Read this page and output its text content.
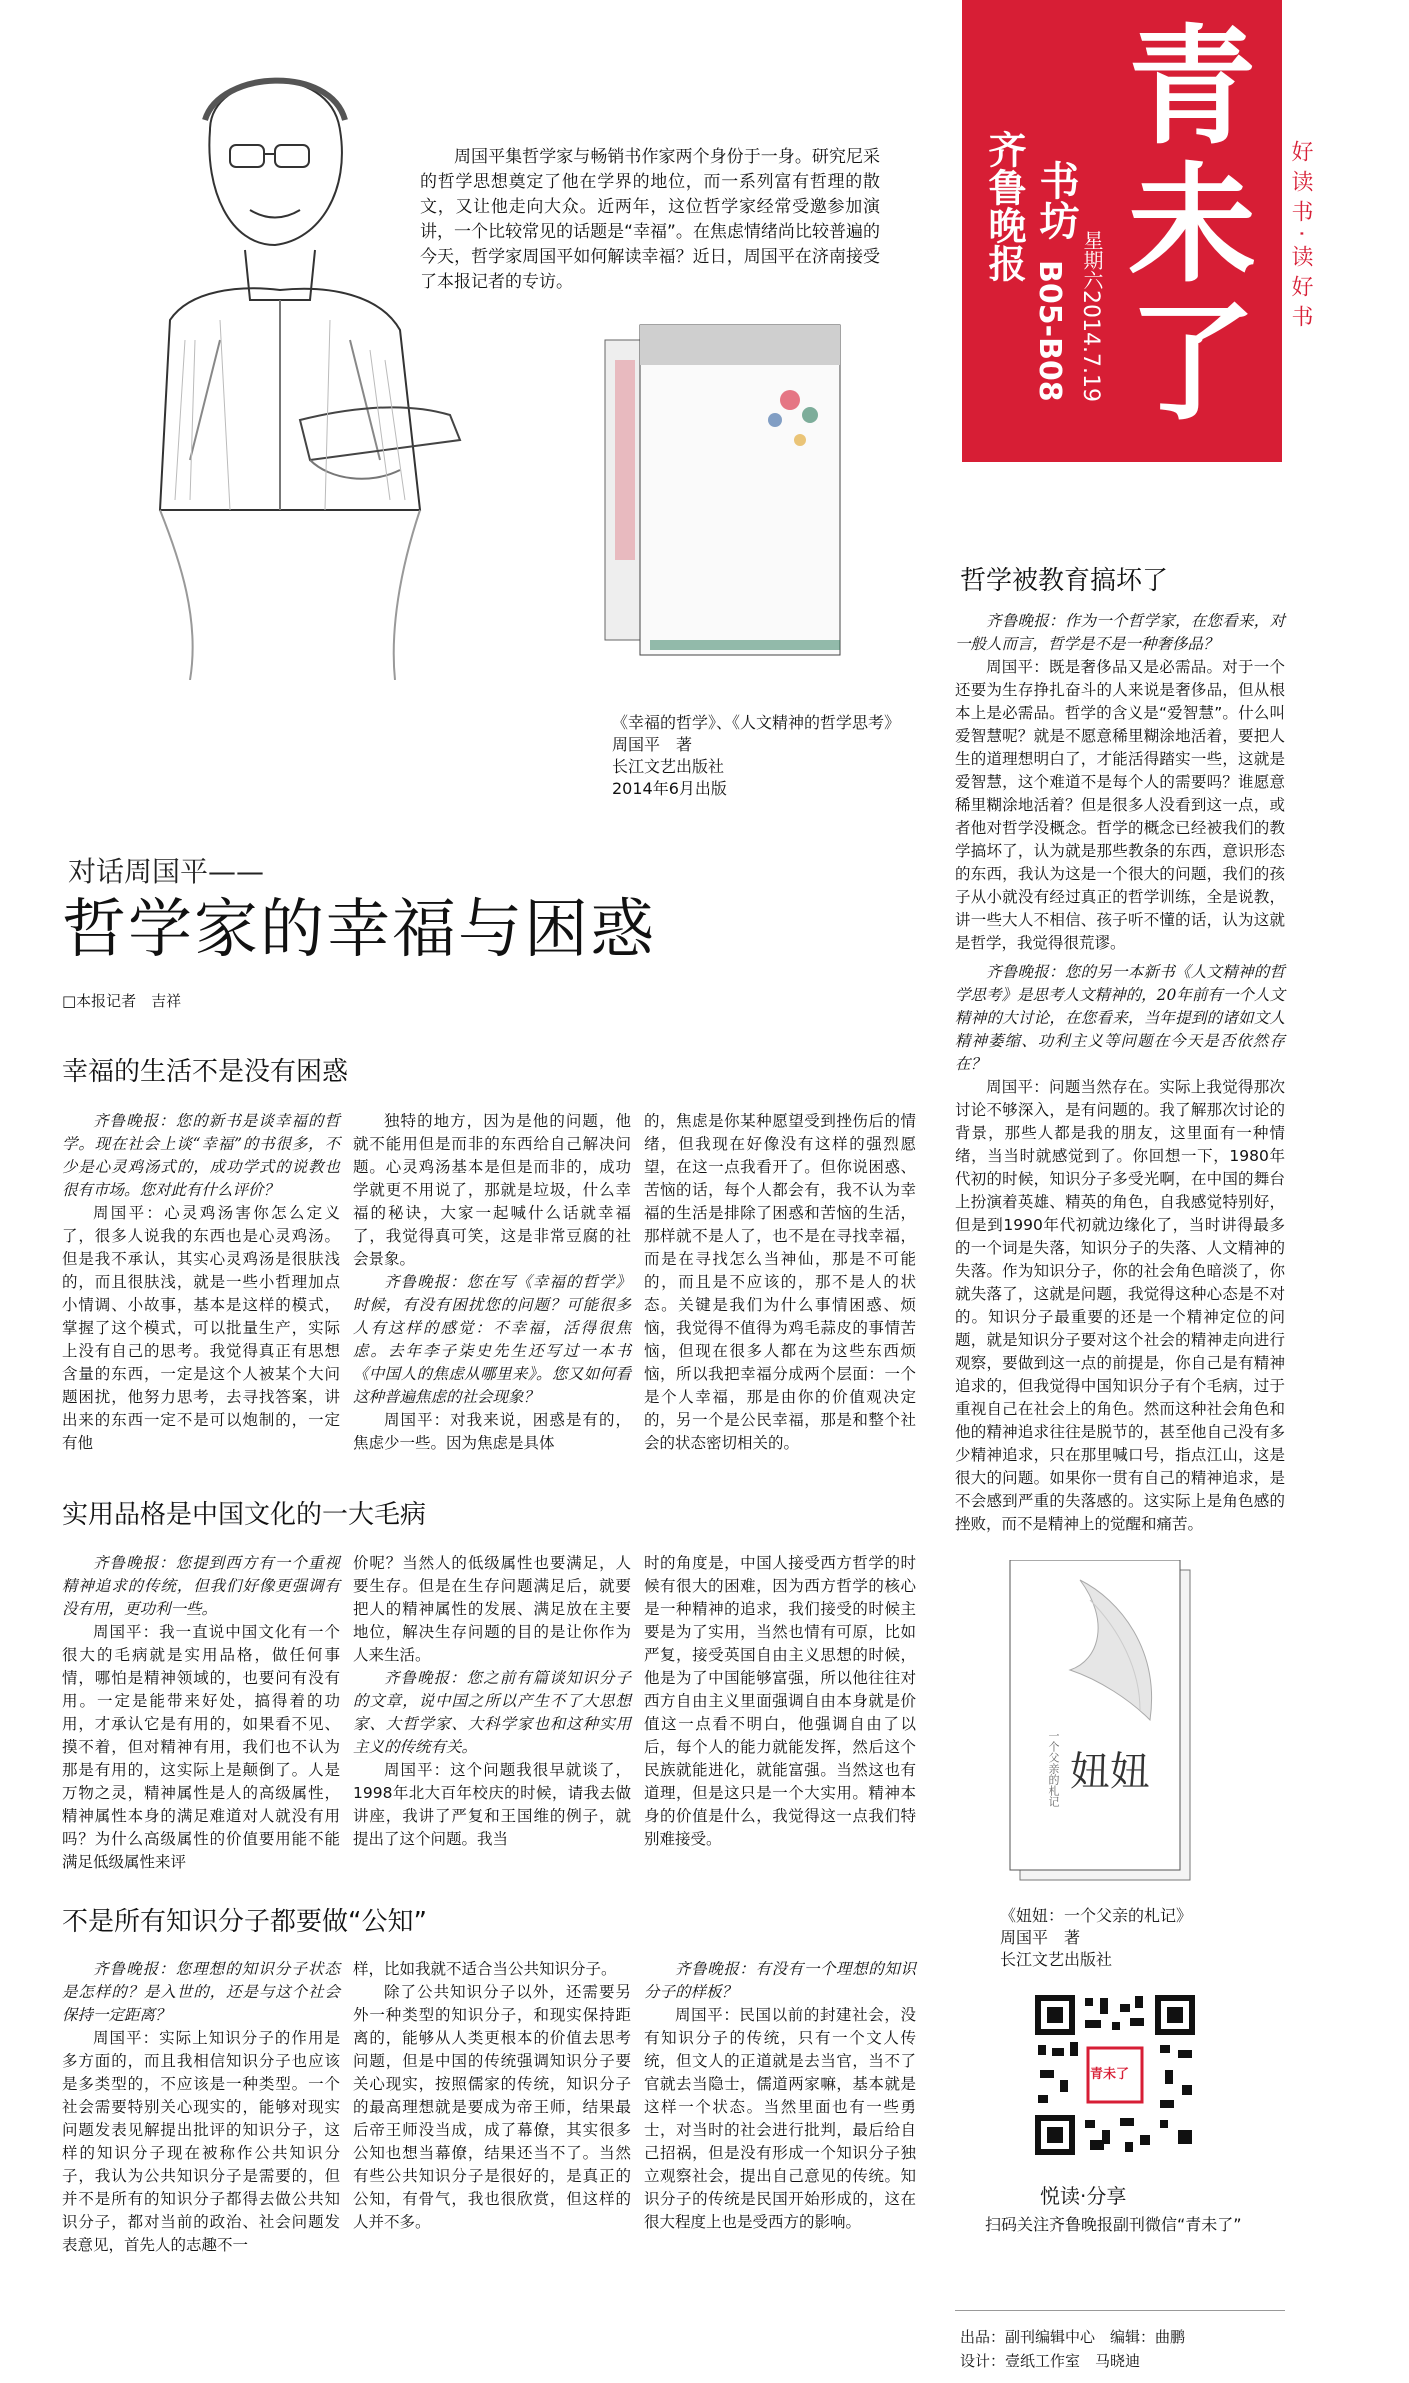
青未了
齐鲁晚报 书坊
星期六
2014.7.19
B05-B08	好读书·读好书
周国平集哲学家与畅销书作家两个身份于一身。研究尼采的哲学思想奠定了他在学界的地位，而一系列富有哲理的散文，又让他走向大众。近两年，这位哲学家经常受邀参加演讲，一个比较常见的话题是“幸福”。在焦虑情绪尚比较普遍的今天，哲学家周国平如何解读幸福？近日，周国平在济南接受了本报记者的专访。
《幸福的哲学》、《人文精神的哲学思考》
周国平　著
长江文艺出版社
2014年6月出版
对话周国平——
哲学家的幸福与困惑
□本报记者　吉祥
幸福的生活不是没有困惑

齐鲁晚报：您的新书是谈幸福的哲学。现在社会上谈“幸福”的书很多，不少是心灵鸡汤式的，成功学式的说教也很有市场。您对此有什么评价？

周国平：心灵鸡汤害你怎么定义了，很多人说我的东西也是心灵鸡汤。但是我不承认，其实心灵鸡汤是很肤浅的，而且很肤浅，就是一些小哲理加点小情调、小故事，基本是这样的模式，掌握了这个模式，可以批量生产，实际上没有自己的思考。我觉得真正有思想含量的东西，一定是这个人被某个大问题困扰，他努力思考，去寻找答案，讲出来的东西一定不是可以炮制的，一定有他

独特的地方，因为是他的问题，他就不能用但是而非的东西给自己解决问题。心灵鸡汤基本是但是而非的，成功学就更不用说了，那就是垃圾，什么幸福的秘诀，大家一起喊什么话就幸福了，我觉得真可笑，这是非常豆腐的社会景象。

齐鲁晚报：您在写《幸福的哲学》时候，有没有困扰您的问题？可能很多人有这样的感觉：不幸福，活得很焦虑。去年李子柒史先生还写过一本书《中国人的焦虑从哪里来》。您又如何看这种普遍焦虑的社会现象？

周国平：对我来说，困惑是有的，焦虑少一些。因为焦虑是具体

的，焦虑是你某种愿望受到挫伤后的情绪，但我现在好像没有这样的强烈愿望，在这一点我看开了。但你说困惑、苦恼的话，每个人都会有，我不认为幸福的生活是排除了困惑和苦恼的生活，那样就不是人了，也不是在寻找幸福，而是在寻找怎么当神仙，那是不可能的，而且是不应该的，那不是人的状态。关键是我们为什么事情困惑、烦恼，我觉得不值得为鸡毛蒜皮的事情苦恼，但现在很多人都在为这些东西烦恼，所以我把幸福分成两个层面：一个是个人幸福，那是由你的价值观决定的，另一个是公民幸福，那是和整个社会的状态密切相关的。

实用品格是中国文化的一大毛病

齐鲁晚报：您提到西方有一个重视精神追求的传统，但我们好像更强调有没有用，更功利一些。

周国平：我一直说中国文化有一个很大的毛病就是实用品格，做任何事情，哪怕是精神领域的，也要问有没有用。一定是能带来好处，搞得着的功用，才承认它是有用的，如果看不见、摸不着，但对精神有用，我们也不认为那是有用的，这实际上是颠倒了。人是万物之灵，精神属性是人的高级属性，精神属性本身的满足难道对人就没有用吗？为什么高级属性的价值要用能不能满足低级属性来评

价呢？当然人的低级属性也要满足，人要生存。但是在生存问题满足后，就要把人的精神属性的发展、满足放在主要地位，解决生存问题的目的是让你作为人来生活。

齐鲁晚报：您之前有篇谈知识分子的文章，说中国之所以产生不了大思想家、大哲学家、大科学家也和这种实用主义的传统有关。

周国平：这个问题我很早就谈了，1998年北大百年校庆的时候，请我去做讲座，我讲了严复和王国维的例子，就提出了这个问题。我当

时的角度是，中国人接受西方哲学的时候有很大的困难，因为西方哲学的核心是一种精神的追求，我们接受的时候主要是为了实用，当然也情有可原，比如严复，接受英国自由主义思想的时候，他是为了中国能够富强，所以他往往对西方自由主义里面强调自由本身就是价值这一点看不明白，他强调自由了以后，每个人的能力就能发挥，然后这个民族就能进化，就能富强。当然这也有道理，但是这只是一个大实用。精神本身的价值是什么，我觉得这一点我们特别难接受。

不是所有知识分子都要做“公知”

齐鲁晚报：您理想的知识分子状态是怎样的？是入世的，还是与这个社会保持一定距离？

周国平：实际上知识分子的作用是多方面的，而且我相信知识分子也应该是多类型的，不应该是一种类型。一个社会需要特别关心现实的，能够对现实问题发表见解提出批评的知识分子，这样的知识分子现在被称作公共知识分子，我认为公共知识分子是需要的，但并不是所有的知识分子都得去做公共知识分子，都对当前的政治、社会问题发表意见，首先人的志趣不一

样，比如我就不适合当公共知识分子。

除了公共知识分子以外，还需要另外一种类型的知识分子，和现实保持距离的，能够从人类更根本的价值去思考问题，但是中国的传统强调知识分子要关心现实，按照儒家的传统，知识分子的最高理想就是要成为帝王师，结果最后帝王师没当成，成了幕僚，其实很多公知也想当幕僚，结果还当不了。当然有些公共知识分子是很好的，是真正的公知，有骨气，我也很欣赏，但这样的人并不多。

齐鲁晚报：有没有一个理想的知识分子的样板？

周国平：民国以前的封建社会，没有知识分子的传统，只有一个文人传统，但文人的正道就是去当官，当不了官就去当隐士，儒道两家嘛，基本就是这样一个状态。当然里面也有一些勇士，对当时的社会进行批判，最后给自己招祸，但是没有形成一个知识分子独立观察社会，提出自己意见的传统。知识分子的传统是民国开始形成的，这在很大程度上也是受西方的影响。

哲学被教育搞坏了

齐鲁晚报：作为一个哲学家，在您看来，对一般人而言，哲学是不是一种奢侈品？

周国平：既是奢侈品又是必需品。对于一个还要为生存挣扎奋斗的人来说是奢侈品，但从根本上是必需品。哲学的含义是“爱智慧”。什么叫爱智慧呢？就是不愿意稀里糊涂地活着，要把人生的道理想明白了，才能活得踏实一些，这就是爱智慧，这个难道不是每个人的需要吗？谁愿意稀里糊涂地活着？但是很多人没看到这一点，或者他对哲学没概念。哲学的概念已经被我们的教学搞坏了，认为就是那些教条的东西，意识形态的东西，我认为这是一个很大的问题，我们的孩子从小就没有经过真正的哲学训练，全是说教，讲一些大人不相信、孩子听不懂的话，认为这就是哲学，我觉得很荒谬。

齐鲁晚报：您的另一本新书《人文精神的哲学思考》是思考人文精神的，20年前有一个人文精神的大讨论，在您看来，当年提到的诸如文人精神萎缩、功利主义等问题在今天是否依然存在？

周国平：问题当然存在。实际上我觉得那次讨论不够深入，是有问题的。我了解那次讨论的背景，那些人都是我的朋友，这里面有一种情绪，当当时就感觉到了。你回想一下，1980年代初的时候，知识分子多受光啊，在中国的舞台上扮演着英雄、精英的角色，自我感觉特别好，但是到1990年代初就边缘化了，当时讲得最多的一个词是失落，知识分子的失落、人文精神的失落。作为知识分子，你的社会角色暗淡了，你就失落了，这就是问题，我觉得这种心态是不对的。知识分子最重要的还是一个精神定位的问题，就是知识分子要对这个社会的精神走向进行观察，要做到这一点的前提是，你自己是有精神追求的，但我觉得中国知识分子有个毛病，过于重视自己在社会上的角色。然而这种社会角色和他的精神追求往往是脱节的，甚至他自己没有多少精神追求，只在那里喊口号，指点江山，这是很大的问题。如果你一贯有自己的精神追求，是不会感到严重的失落感的。这实际上是角色感的挫败，而不是精神上的觉醒和痛苦。

妞妞
一个父亲的札记
《妞妞：一个父亲的札记》
周国平　著
长江文艺出版社
青未了
悦读·分享
扫码关注齐鲁晚报副刊微信“青未了”
出品：副刊编辑中心　编辑：曲鹏
设计：壹纸工作室　马晓迪
